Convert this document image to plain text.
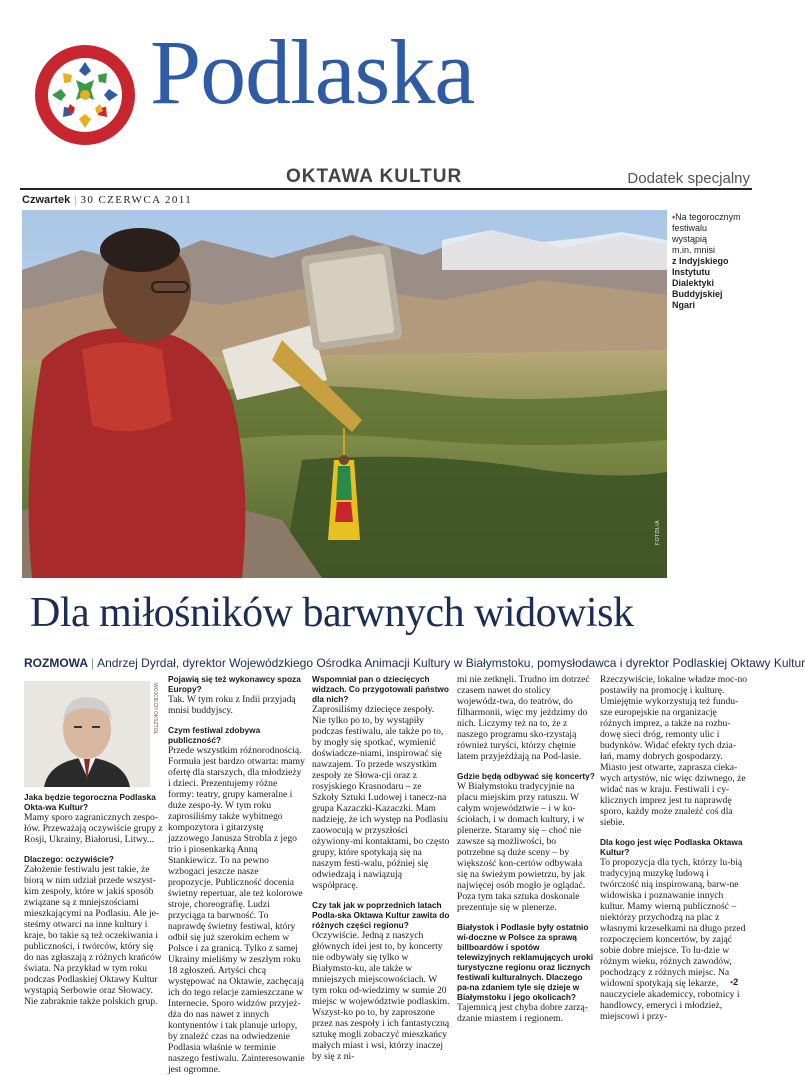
Podlaska
OKTAWA KULTUR	Dodatek specjalny
Czwartek | 30 CZERWCA 2011
FOTOLIA
•Na tegorocznym
festiwalu
wystąpią
m.in. mnisi
z Indyjskiego
Instytutu
Dialektyki
Buddyjskiej
Ngari
Dla miłośników barwnych widowisk
ROZMOWA | Andrzej Dyrdał, dyrektor Wojewódzkiego Ośrodka Animacji Kultury w Białymstoku, pomysłodawca i dyrektor Podlaskiej Oktawy Kultur
WOJCIECH OKSZTOŁ

Jaka będzie tegoroczna Podlaska Okta-wa Kultur?

Mamy sporo zagranicznych zespo-łów. Przeważają oczywiście grupy z Rosji, Ukrainy, Białorusi, Litwy...

Dlaczego: oczywiście?

Założenie festiwalu jest takie, że biorą w nim udział przede wszyst-kim zespoły, które w jakiś sposób związane są z mniejszościami mieszkającymi na Podlasiu. Ale je-steśmy otwarci na inne kultury i kraje, bo takie są też oczekiwania i publiczności, i twórców, który się do nas zgłaszają z różnych krańców świata. Na przykład w tym roku podczas Podlaskiej Oktawy Kultur wystąpią Serbowie oraz Słowacy. Nie zabraknie także polskich grup.

Pojawią się też wykonawcy spoza Europy?

Tak. W tym roku z Indii przyjadą mnisi buddyjscy.

Czym festiwal zdobywa publiczność?

Przede wszystkim różnorodnością. Formuła jest bardzo otwarta: mamy ofertę dla starszych, dla młodzieży i dzieci. Prezentujemy różne formy: teatry, grupy kameralne i duże zespo-ły. W tym roku zaprosiliśmy także wybitnego kompozytora i gitarzystę jazzowego Janusza Strobla z jego trio i piosenkarką Anną Stankiewicz. To na pewno wzbogaci jeszcze nasze propozycje. Publiczność docenia świetny repertuar, ale też kolorowe stroje, choreografię. Ludzi przyciąga ta barwność. To naprawdę świetny festiwal, który odbił się już szerokim echem w Polsce i za granicą. Tylko z samej Ukrainy mieliśmy w zeszłym roku 18 zgłoszeń. Artyści chcą występować na Oktawie, zachęcają ich do tego relacje zamieszczane w Internecie. Sporo widzów przyjeż-dża do nas nawet z innych kontynentów i tak planuje urlopy, by znaleźć czas na odwiedzenie Podlasia właśnie w terminie naszego festiwalu. Zainteresowanie jest ogromne.

Wspomniał pan o dziecięcych widzach. Co przygotowali państwo dla nich?

Zaprosiliśmy dziecięce zespoły. Nie tylko po to, by wystąpiły podczas festiwalu, ale także po to, by mogły się spotkać, wymienić doświadcze-niami, inspirować się nawzajem. To przede wszystkim zespoły ze Słowa-cji oraz z rosyjskiego Krasnodaru – ze Szkoły Sztuki Ludowej i tanecz-na grupa Kazaczki-Kazaczki. Mam nadzieję, że ich występ na Podlasiu zaowocują w przyszłości ożywiony-mi kontaktami, bo często grupy, które spotykają się na naszym festi-walu, później się odwiedzają i nawiązują współpracę.

Czy tak jak w poprzednich latach Podla-ska Oktawa Kultur zawita do różnych części regionu?

Oczywiście. Jedną z naszych głównych idei jest to, by koncerty nie odbywały się tylko w Białymsto-ku, ale także w mniejszych miejscowościach. W tym roku od-wiedzimy w sumie 20 miejsc w województwie podlaskim. Wszyst-ko po to, by zaproszone przez nas zespoły i ich fantastyczną sztukę mogli zobaczyć mieszkańcy małych miast i wsi, którzy inaczej by się z ni-

mi nie zetknęli. Trudno im dotrzeć czasem nawet do stolicy wojewódz-twa, do teatrów, do filharmonii, więc my jeździmy do nich. Liczymy też na to, że z naszego programu sko-rzystają również turyści, którzy chętnie latem przyjeżdżają na Pod-lasie.

Gdzie będą odbywać się koncerty?

W Białymstoku tradycyjnie na placu miejskim przy ratuszu. W całym województwie – i w ko-ściołach, i w domach kultury, i w plenerze. Staramy się – choć nie zawsze są możliwości, bo potrzebne są duże sceny – by większość kon-certów odbywała się na świeżym powietrzu, by jak najwięcej osób mogło je oglądać. Poza tym taka sztuka doskonale prezentuje się w plenerze.

Białystok i Podlasie były ostatnio wi-doczne w Polsce za sprawą billboardów i spotów telewizyjnych reklamujących uroki turystyczne regionu oraz licznych festiwali kulturalnych. Dlaczego pa-na zdaniem tyle się dzieje w Białymstoku i jego okolicach?

Tajemnicą jest chyba dobre zarzą-dzanie miastem i regionem.

Rzeczywiście, lokalne władze moc-no postawiły na promocję i kulturę. Umiejętnie wykorzystują też fundu-sze europejskie na organizację różnych imprez, a także na rozbu-dowę sieci dróg, remonty ulic i budynków. Widać efekty tych dzia-łań, mamy dobrych gospodarzy. Miasto jest otwarte, zaprasza cieka-wych artystów, nic więc dziwnego, że widać nas w kraju. Festiwali i cy-klicznych imprez jest tu naprawdę sporo, każdy może znaleźć coś dla siebie.

Dla kogo jest więc Podlaska Oktawa Kultur?

To propozycja dla tych, którzy lu-bią tradycyjną muzykę ludową i twórczość nią inspirowaną, barw-ne widowiska i poznawanie innych kultur. Mamy wierną publiczność – niektórzy przychodzą na plac z własnymi krzesełkami na długo przed rozpoczęciem koncertów, by zająć sobie dobre miejsce. To lu-dzie w różnym wieku, różnych zawodów, pochodzący z różnych miejsc. Na widowni spotykają się lekarze, nauczyciele akademiccy, robotnicy i handlowcy, emeryci i młodzież, miejscowi i przy-

•2
